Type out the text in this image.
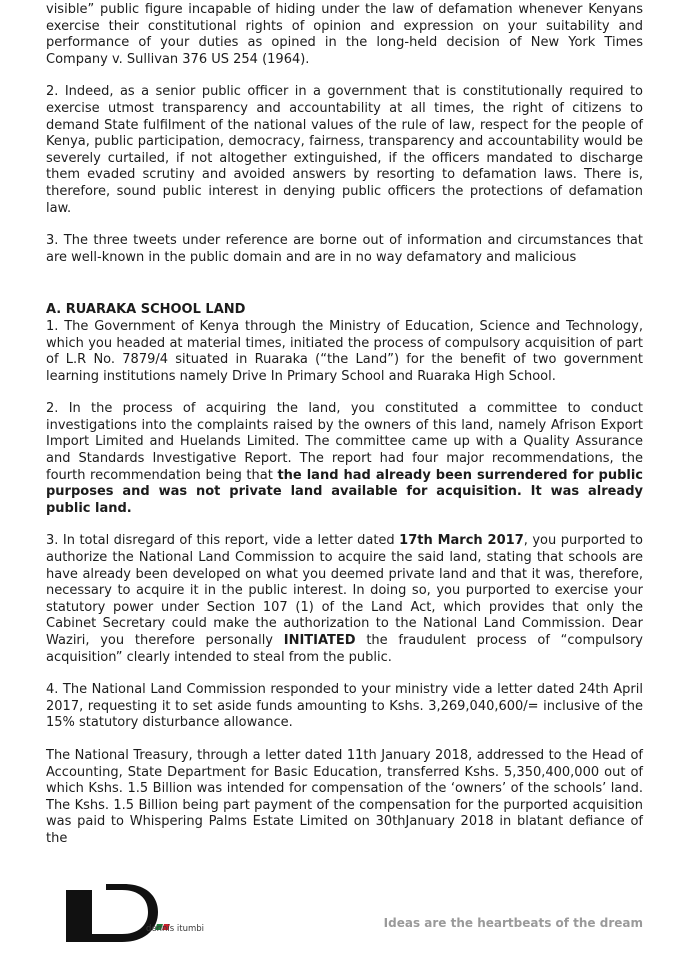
visible” public figure incapable of hiding under the law of defamation whenever Kenyans exercise their constitutional rights of opinion and expression on your suitability and performance of your duties as opined in the long-held decision of New York Times Company v. Sullivan 376 US 254 (1964).

2. Indeed, as a senior public officer in a government that is constitutionally required to exercise utmost transparency and accountability at all times, the right of citizens to demand State fulfilment of the national values of the rule of law, respect for the people of Kenya, public participation, democracy, fairness, transparency and accountability would be severely curtailed, if not altogether extinguished, if the officers mandated to discharge them evaded scrutiny and avoided answers by resorting to defamation laws. There is, therefore, sound public interest in denying public officers the protections of defamation law.

3. The three tweets under reference are borne out of information and circumstances that are well-known in the public domain and are in no way defamatory and malicious

A. RUARAKA SCHOOL LAND

1. The Government of Kenya through the Ministry of Education, Science and Technology, which you headed at material times, initiated the process of compulsory acquisition of part of L.R No. 7879/4 situated in Ruaraka (“the Land”) for the benefit of two government learning institutions namely Drive In Primary School and Ruaraka High School.

2. In the process of acquiring the land, you constituted a committee to conduct investigations into the complaints raised by the owners of this land, namely Afrison Export Import Limited and Huelands Limited. The committee came up with a Quality Assurance and Standards Investigative Report. The report had four major recommendations, the fourth recommendation being that the land had already been surrendered for public purposes and was not private land available for acquisition. It was already public land.

3. In total disregard of this report, vide a letter dated 17th March 2017, you purported to authorize the National Land Commission to acquire the said land, stating that schools are have already been developed on what you deemed private land and that it was, therefore, necessary to acquire it in the public interest. In doing so, you purported to exercise your statutory power under Section 107 (1) of the Land Act, which provides that only the Cabinet Secretary could make the authorization to the National Land Commission. Dear Waziri, you therefore personally INITIATED the fraudulent process of “compulsory acquisition” clearly intended to steal from the public.

4. The National Land Commission responded to your ministry vide a letter dated 24th April 2017, requesting it to set aside funds amounting to Kshs. 3,269,040,600/= inclusive of the 15% statutory disturbance allowance.

The National Treasury, through a letter dated 11th January 2018, addressed to the Head of Accounting, State Department for Basic Education, transferred Kshs. 5,350,400,000 out of which Kshs. 1.5 Billion was intended for compensation of the ‘owners’ of the schools’ land. The Kshs. 1.5 Billion being part payment of the compensation for the purported acquisition was paid to Whispering Palms Estate Limited on 30thJanuary 2018 in blatant defiance of the

dennis itumbi	Ideas are the heartbeats of the dream
